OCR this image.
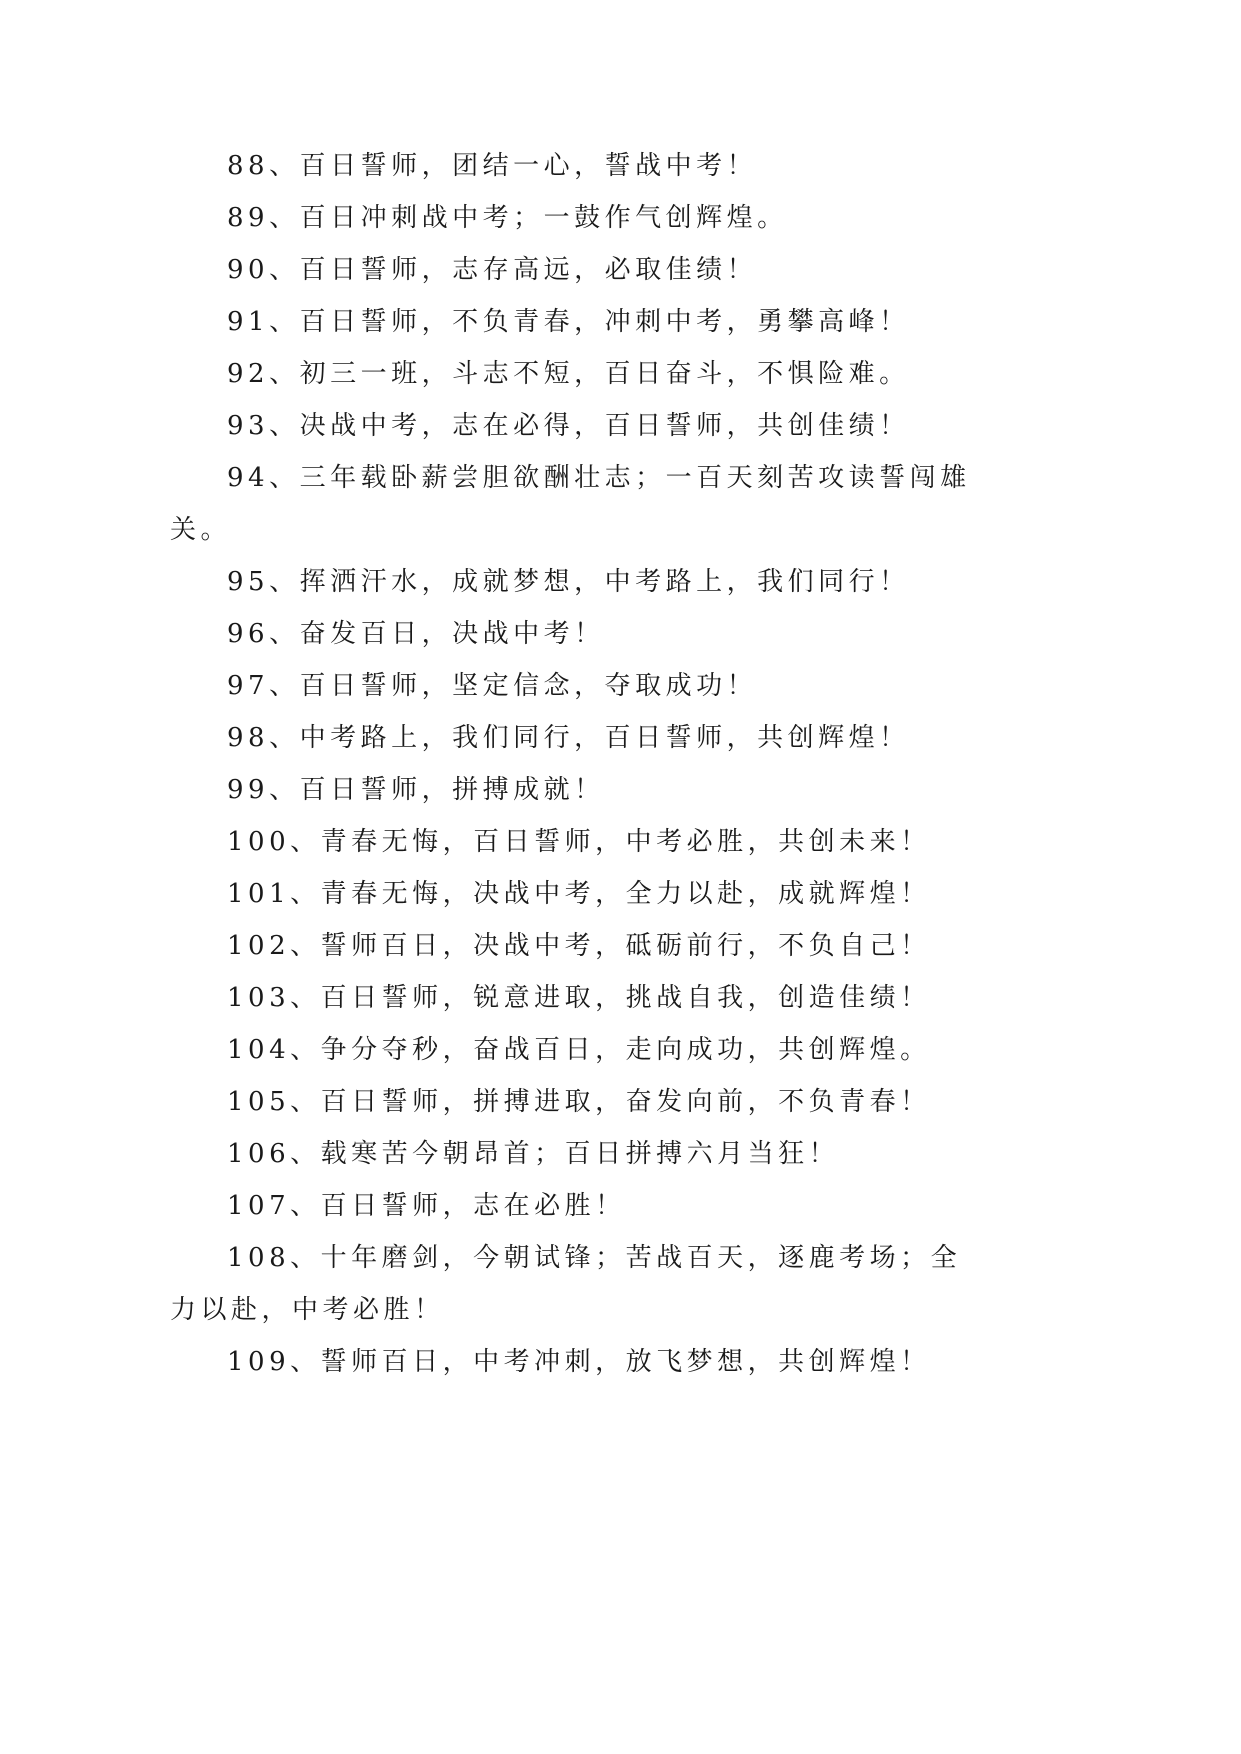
88、百日誓师，团结一心，誓战中考！
89、百日冲刺战中考；一鼓作气创辉煌。
90、百日誓师，志存高远，必取佳绩！
91、百日誓师，不负青春，冲刺中考，勇攀高峰！
92、初三一班，斗志不短，百日奋斗，不惧险难。
93、决战中考，志在必得，百日誓师，共创佳绩！
94、三年载卧薪尝胆欲酬壮志；一百天刻苦攻读誓闯雄
关。
95、挥洒汗水，成就梦想，中考路上，我们同行！
96、奋发百日，决战中考！
97、百日誓师，坚定信念，夺取成功！
98、中考路上，我们同行，百日誓师，共创辉煌！
99、百日誓师，拼搏成就！
100、青春无悔，百日誓师，中考必胜，共创未来！
101、青春无悔，决战中考，全力以赴，成就辉煌！
102、誓师百日，决战中考，砥砺前行，不负自己！
103、百日誓师，锐意进取，挑战自我，创造佳绩！
104、争分夺秒，奋战百日，走向成功，共创辉煌。
105、百日誓师，拼搏进取，奋发向前，不负青春！
106、载寒苦今朝昂首；百日拼搏六月当狂！
107、百日誓师，志在必胜！
108、十年磨剑，今朝试锋；苦战百天，逐鹿考场；全
力以赴，中考必胜！
109、誓师百日，中考冲刺，放飞梦想，共创辉煌！
